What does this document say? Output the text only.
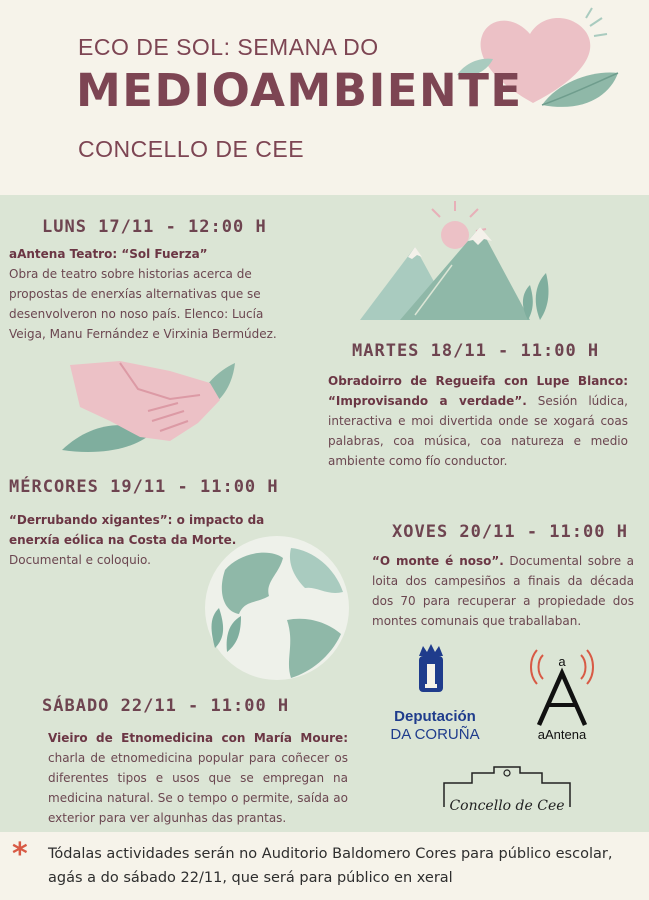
ECO DE SOL: SEMANA DO
MEDIOAMBIENTE
CONCELLO DE CEE
LUNS 17/11 - 12:00 H
aAntena Teatro: “Sol Fuerza”
Obra de teatro sobre historias acerca de propostas de enerxías alternativas que se desenvolveron no noso país. Elenco: Lucía Veiga, Manu Fernández e Virxinia Bermúdez.
MARTES 18/11 - 11:00 H
Obradoirro de Regueifa con Lupe Blanco: “Improvisando a verdade”. Sesión lúdica, interactiva e moi divertida onde se xogará coas palabras, coa música, coa natureza e medio ambiente como fío conductor.
MÉRCORES 19/11 - 11:00 H
“Derrubando xigantes”: o impacto da enerxía eólica na Costa da Morte.
Documental e coloquio.
XOVES 20/11 - 11:00 H
“O monte é noso”. Documental sobre a loita dos campesiños a finais da década dos 70 para recuperar a propiedade dos montes comunais que traballaban.
Deputación
DA CORUÑA
a
aAntena
SÁBADO 22/11 - 11:00 H
Vieiro de Etnomedicina con María Moure: charla de etnomedicina popular para coñecer os diferentes tipos e usos que se empregan na medicina natural. Se o tempo o permite, saída ao exterior para ver algunhas das prantas.
Concello de Cee
* Tódalas actividades serán no Auditorio Baldomero Cores para público escolar, agás a do sábado 22/11, que será para público en xeral
